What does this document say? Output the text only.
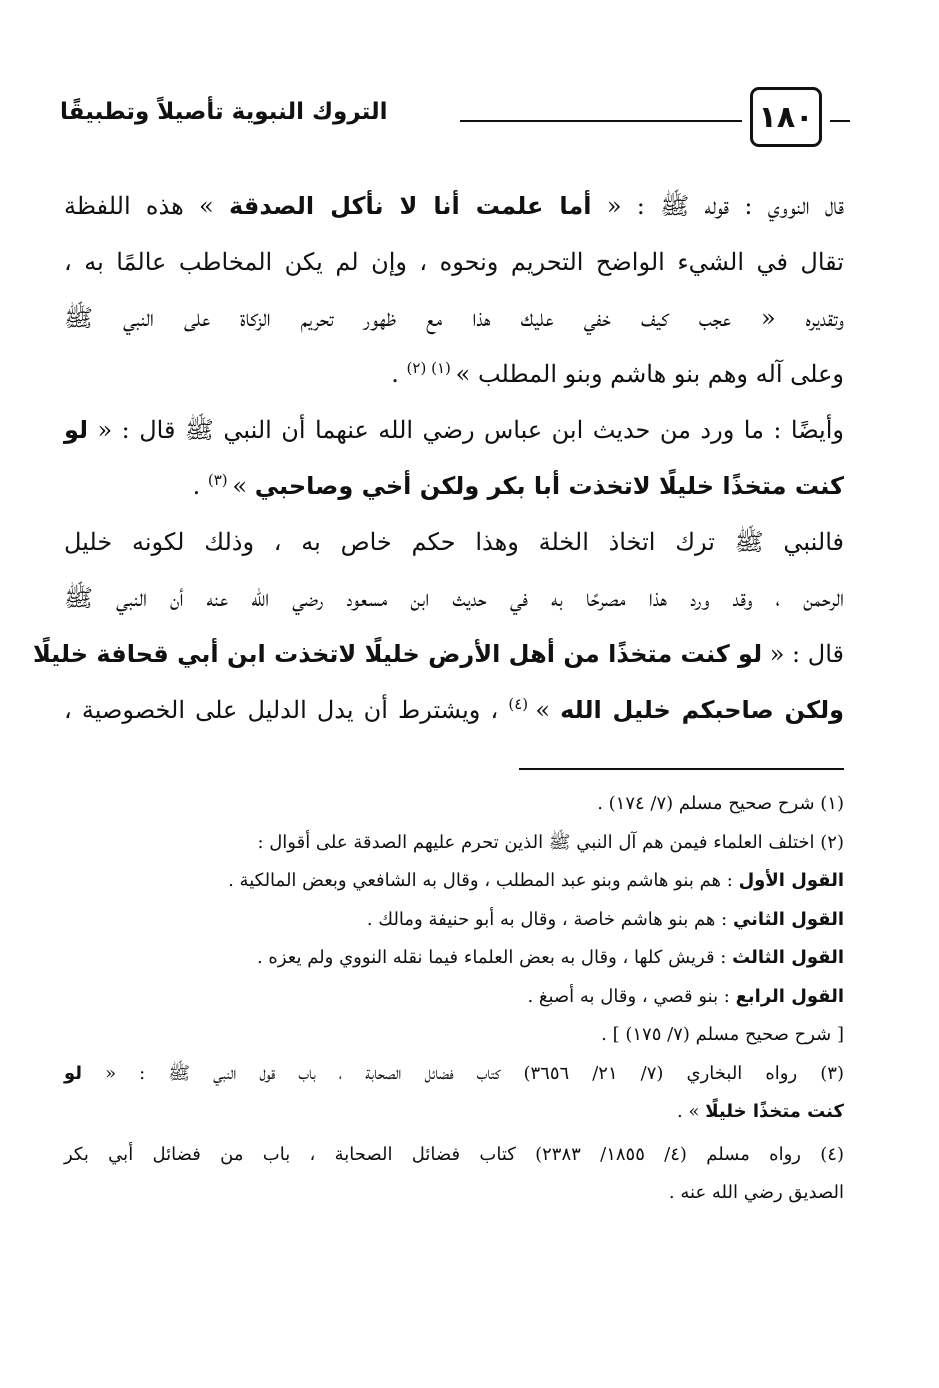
١٨٠
التروك النبوية تأصيلاً وتطبيقًا
قال النووي : قوله ﷺ : « أما علمت أنا لا نأكل الصدقة » هذه اللفظة
تقال في الشيء الواضح التحريم ونحوه ، وإن لم يكن المخاطب عالمًا به ،
وتقديره « عجب كيف خفي عليك هذا مع ظهور تحريم الزكاة على النبي ﷺ
وعلى آله وهم بنو هاشم وبنو المطلب » $^{(١) (٢)}$ .
وأيضًا : ما ورد من حديث ابن عباس رضي الله عنهما أن النبي ﷺ قال : « لو
كنت متخذًا خليلًا لاتخذت أبا بكر ولكن أخي وصاحبي » $^{(٣)}$ .
فالنبي ﷺ ترك اتخاذ الخلة وهذا حكم خاص به ، وذلك لكونه خليل
الرحمن ، وقد ورد هذا مصرحًا به في حديث ابن مسعود رضي الله عنه أن النبي ﷺ
قال : « لو كنت متخذًا من أهل الأرض خليلًا لاتخذت ابن أبي قحافة خليلًا
ولكن صاحبكم خليل الله » $^{(٤)}$ ، ويشترط أن يدل الدليل على الخصوصية ،
(١) شرح صحيح مسلم (٧/ ١٧٤) .
(٢) اختلف العلماء فيمن هم آل النبي ﷺ الذين تحرم عليهم الصدقة على أقوال :
القول الأول : هم بنو هاشم وبنو عبد المطلب ، وقال به الشافعي وبعض المالكية .
القول الثاني : هم بنو هاشم خاصة ، وقال به أبو حنيفة ومالك .
القول الثالث : قريش كلها ، وقال به بعض العلماء فيما نقله النووي ولم يعزه .
القول الرابع : بنو قصي ، وقال به أصبغ .
[ شرح صحيح مسلم (٧/ ١٧٥) ] .
(٣) رواه البخاري (٧/ ٢١/ ٣٦٥٦) كتاب فضائل الصحابة ، باب قول النبي ﷺ : « لو
كنت متخذًا خليلًا » .
(٤) رواه مسلم (٤/ ١٨٥٥/ ٢٣٨٣) كتاب فضائل الصحابة ، باب من فضائل أبي بكر
الصديق رضي الله عنه .
